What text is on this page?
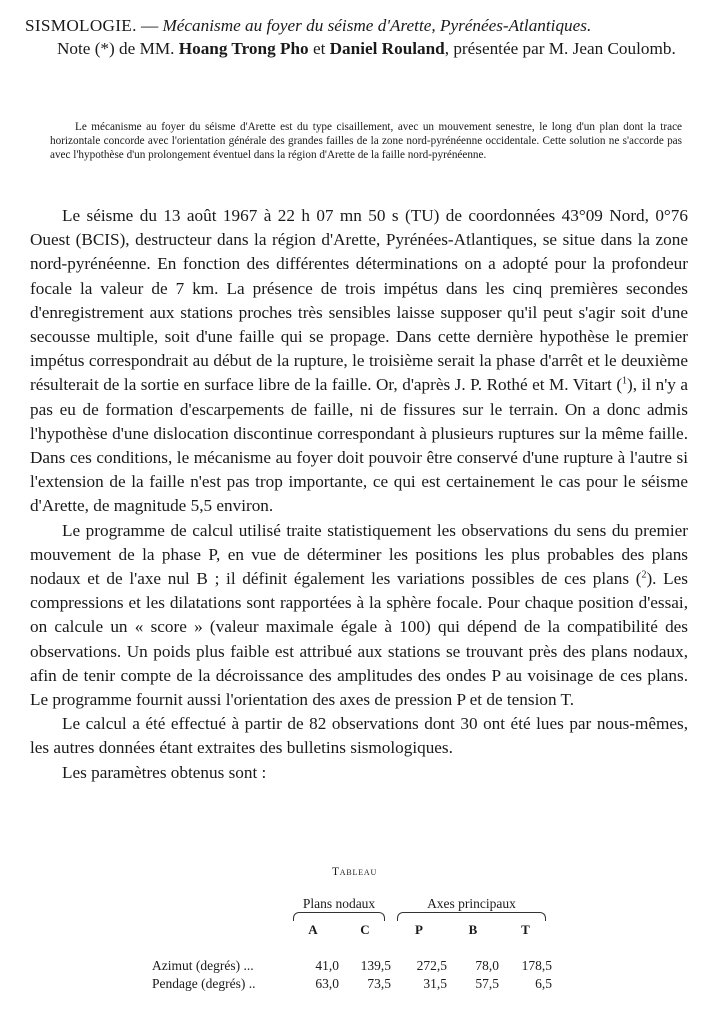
SISMOLOGIE. — Mécanisme au foyer du séisme d'Arette, Pyrénées-Atlantiques.
Note (*) de MM. Hoang Trong Pho et Daniel Rouland, présentée par M. Jean Coulomb.
Le mécanisme au foyer du séisme d'Arette est du type cisaillement, avec un mouvement senestre, le long d'un plan dont la trace horizontale concorde avec l'orientation générale des grandes failles de la zone nord-pyrénéenne occidentale. Cette solution ne s'accorde pas avec l'hypothèse d'un prolongement éventuel dans la région d'Arette de la faille nord-pyrénéenne.

Le séisme du 13 août 1967 à 22 h 07 mn 50 s (TU) de coordonnées 43°09 Nord, 0°76 Ouest (BCIS), destructeur dans la région d'Arette, Pyrénées-Atlantiques, se situe dans la zone nord-pyrénéenne. En fonction des différentes déterminations on a adopté pour la profondeur focale la valeur de 7 km. La présence de trois impétus dans les cinq premières secondes d'enregistrement aux stations proches très sensibles laisse supposer qu'il peut s'agir soit d'une secousse multiple, soit d'une faille qui se propage. Dans cette dernière hypothèse le premier impétus correspondrait au début de la rupture, le troisième serait la phase d'arrêt et le deuxième résulterait de la sortie en surface libre de la faille. Or, d'après J. P. Rothé et M. Vitart ($^1$), il n'y a pas eu de formation d'escarpements de faille, ni de fissures sur le terrain. On a donc admis l'hypothèse d'une dislocation discontinue correspondant à plusieurs ruptures sur la même faille. Dans ces conditions, le mécanisme au foyer doit pouvoir être conservé d'une rupture à l'autre si l'extension de la faille n'est pas trop importante, ce qui est certainement le cas pour le séisme d'Arette, de magnitude 5,5 environ.

Le programme de calcul utilisé traite statistiquement les observations du sens du premier mouvement de la phase P, en vue de déterminer les positions les plus probables des plans nodaux et de l'axe nul B ; il définit également les variations possibles de ces plans ($^2$). Les compressions et les dilatations sont rapportées à la sphère focale. Pour chaque position d'essai, on calcule un « score » (valeur maximale égale à 100) qui dépend de la compatibilité des observations. Un poids plus faible est attribué aux stations se trouvant près des plans nodaux, afin de tenir compte de la décroissance des amplitudes des ondes P au voisinage de ces plans. Le programme fournit aussi l'orientation des axes de pression P et de tension T.

Le calcul a été effectué à partir de 82 observations dont 30 ont été lues par nous-mêmes, les autres données étant extraites des bulletins sismologiques.

Les paramètres obtenus sont :

Tableau
	Plans nodaux		Axes principaux		

	A	C	P	B	T

Azimut (degrés) ...	41,0	139,5	272,5	78,0	178,5
Pendage (degrés) ..	63,0	73,5	31,5	57,5	6,5
